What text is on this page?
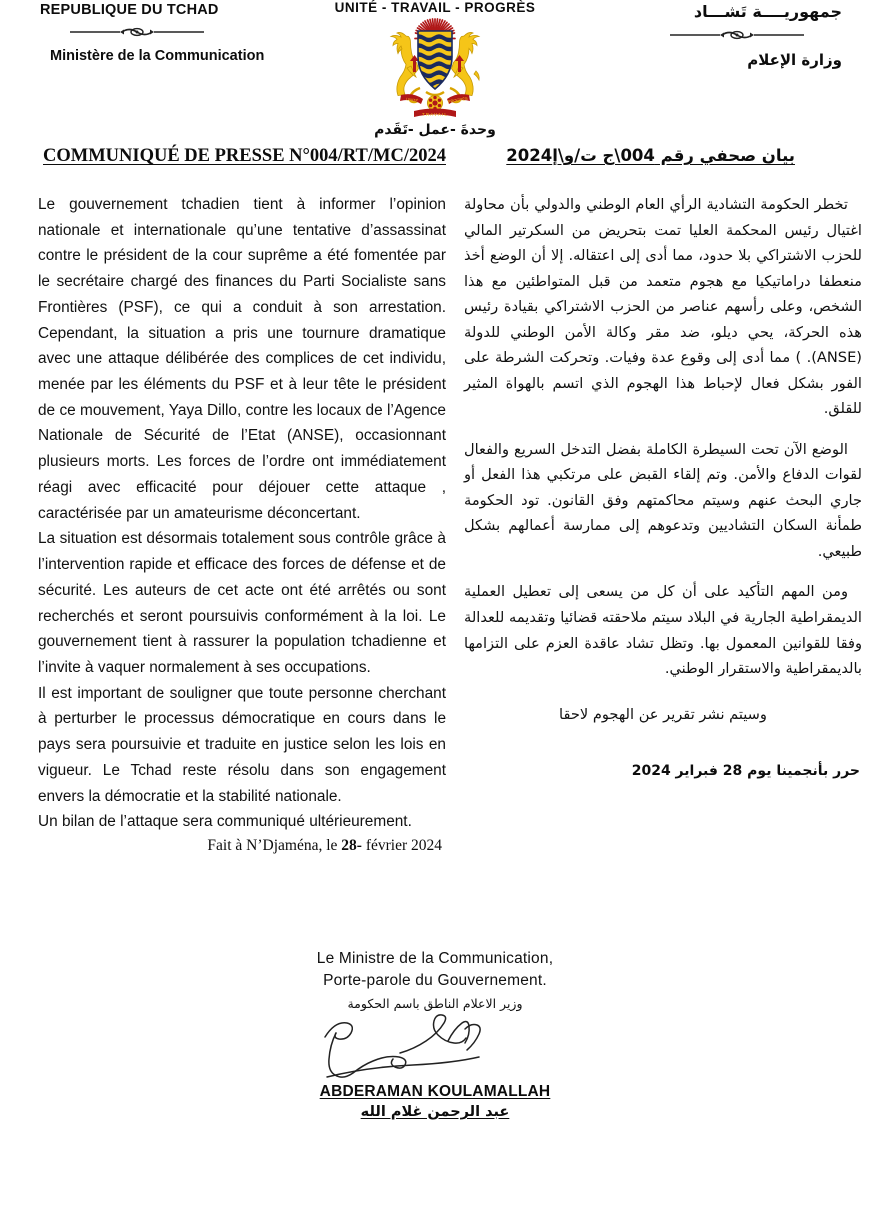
REPUBLIQUE DU TCHAD
Ministère de la Communication
UNITÉ - TRAVAIL - PROGRÈS
UNITÉ	PROGRÈS
TRAVAIL
وحدةَ -عمل -تَقَدم
جمهوريــــة تَشـــاد
وزارة الإعلام
COMMUNIQUÉ DE PRESSE N°004/RT/MC/2024	بيان صحفي رقم 004\ج ت/و\إ2024

Le gouvernement tchadien tient à informer l’opinion nationale et internationale qu’une tentative d’assassinat contre le président de la cour suprême a été fomentée par le secrétaire chargé des finances du Parti Socialiste sans Frontières (PSF), ce qui a conduit à son arrestation. Cependant, la situation a pris une tournure dramatique avec une attaque délibérée des complices de cet individu, menée par les éléments du PSF et à leur tête le président de ce mouvement, Yaya Dillo, contre les locaux de l’Agence Nationale de Sécurité de l’Etat (ANSE), occasionnant plusieurs morts. Les forces de l’ordre ont immédiatement réagi avec efficacité pour déjouer cette attaque , caractérisée par un amateurisme déconcertant.

La situation est désormais totalement sous contrôle grâce à l’intervention rapide et efficace des forces de défense et de sécurité. Les auteurs de cet acte ont été arrêtés ou sont recherchés et seront poursuivis conformément à la loi. Le gouvernement tient à rassurer la population tchadienne et l’invite à vaquer normalement à ses occupations.

Il est important de souligner que toute personne cherchant à perturber le processus démocratique en cours dans le pays sera poursuivie et traduite en justice selon les lois en vigueur. Le Tchad reste résolu dans son engagement envers la démocratie et la stabilité nationale.

Un bilan de l’attaque sera communiqué ultérieurement.

Fait à N’Djaména, le 28- février 2024

تخطر الحكومة التشادية الرأي العام الوطني والدولي بأن محاولة اغتيال رئيس المحكمة العليا تمت بتحريض من السكرتير المالي للحزب الاشتراكي بلا حدود، مما أدى إلى اعتقاله. إلا أن الوضع أخذ منعطفا دراماتيكيا مع هجوم متعمد من قبل المتواطئين مع هذا الشخص، وعلى رأسهم عناصر من الحزب الاشتراكي بقيادة رئيس هذه الحركة، يحي ديلو، ضد مقر وكالة الأمن الوطني للدولة (ANSE). ) مما أدى إلى وقوع عدة وفيات. وتحركت الشرطة على الفور بشكل فعال لإحباط هذا الهجوم الذي اتسم بالهواة المثير للقلق.

الوضع الآن تحت السيطرة الكاملة بفضل التدخل السريع والفعال لقوات الدفاع والأمن. وتم إلقاء القبض على مرتكبي هذا الفعل أو جاري البحث عنهم وسيتم محاكمتهم وفق القانون. تود الحكومة طمأنة السكان التشاديين وتدعوهم إلى ممارسة أعمالهم بشكل طبيعي.

ومن المهم التأكيد على أن كل من يسعى إلى تعطيل العملية الديمقراطية الجارية في البلاد سيتم ملاحقته قضائيا وتقديمه للعدالة وفقا للقوانين المعمول بها. وتظل تشاد عاقدة العزم على التزامها بالديمقراطية والاستقرار الوطني.

وسيتم نشر تقرير عن الهجوم لاحقا
حرر بأنجمينا يوم 28 فبراير 2024
Le Ministre de la Communication,
Porte-parole du Gouvernement.
وزير الاعلام الناطق باسم الحكومة
ABDERAMAN KOULAMALLAH
عبد الرحمن غلام الله
